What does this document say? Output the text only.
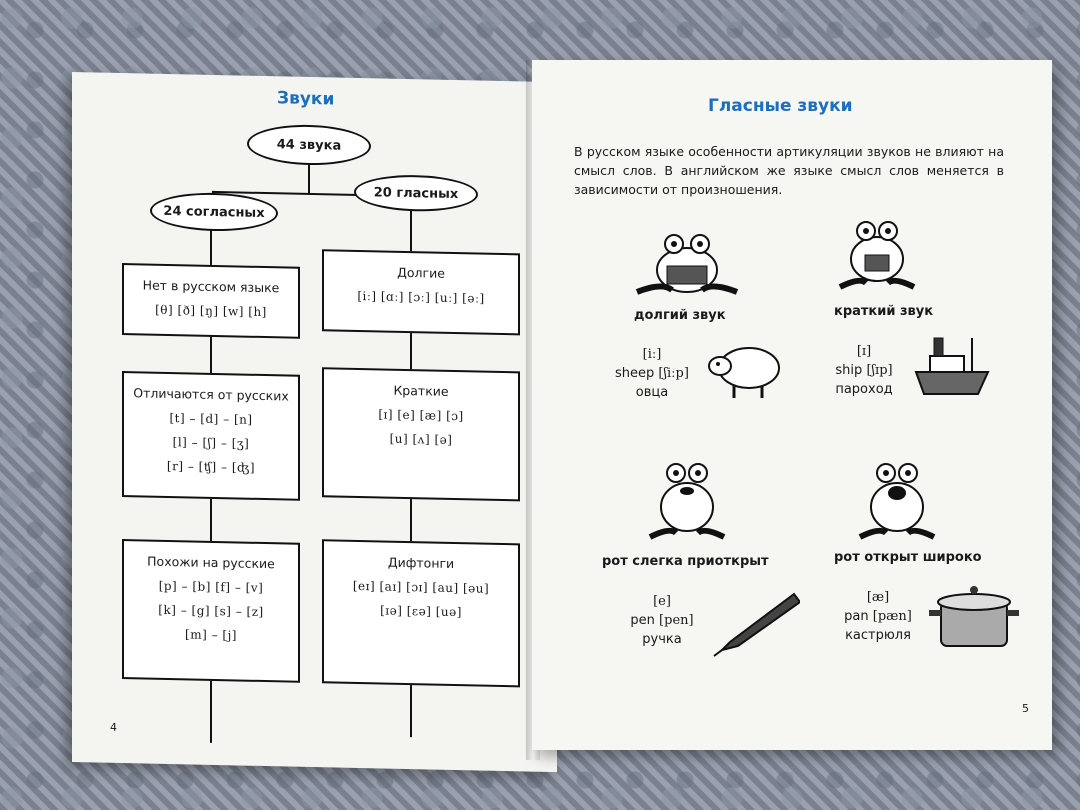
Звуки
44 звука
20 гласных
24 согласных
Нет в русском языке
[θ] [ð] [ŋ] [w] [h]
Отличаются от русских
[t] – [d] – [n]
[l] – [ʃ] – [ʒ]
[r] – [ʧ] – [ʤ]
Похожи на русские
[p] – [b] [f] – [v]
[k] – [g] [s] – [z]
[m] – [j]
Долгие
[iː] [ɑː] [ɔː] [uː] [əː]
Краткие
[ɪ] [e] [æ] [ɔ]
[u] [ʌ] [ə]
Дифтонги
[eɪ] [aɪ] [ɔɪ] [au] [əu]
[ɪə] [ɛə] [uə]
4
Гласные звуки
В русском языке особенности артикуляции звуков не влияют на смысл слов. В английском же языке смысл слов меняется в зависимости от произношения.
долгий звук
[iː]
sheep [ʃiːp]
овца
краткий звук
[ɪ]
ship [ʃɪp]
пароход
рот слегка приоткрыт
[e]
pen [pen]
ручка
рот открыт широко
[æ]
pan [pæn]
кастрюля
5
